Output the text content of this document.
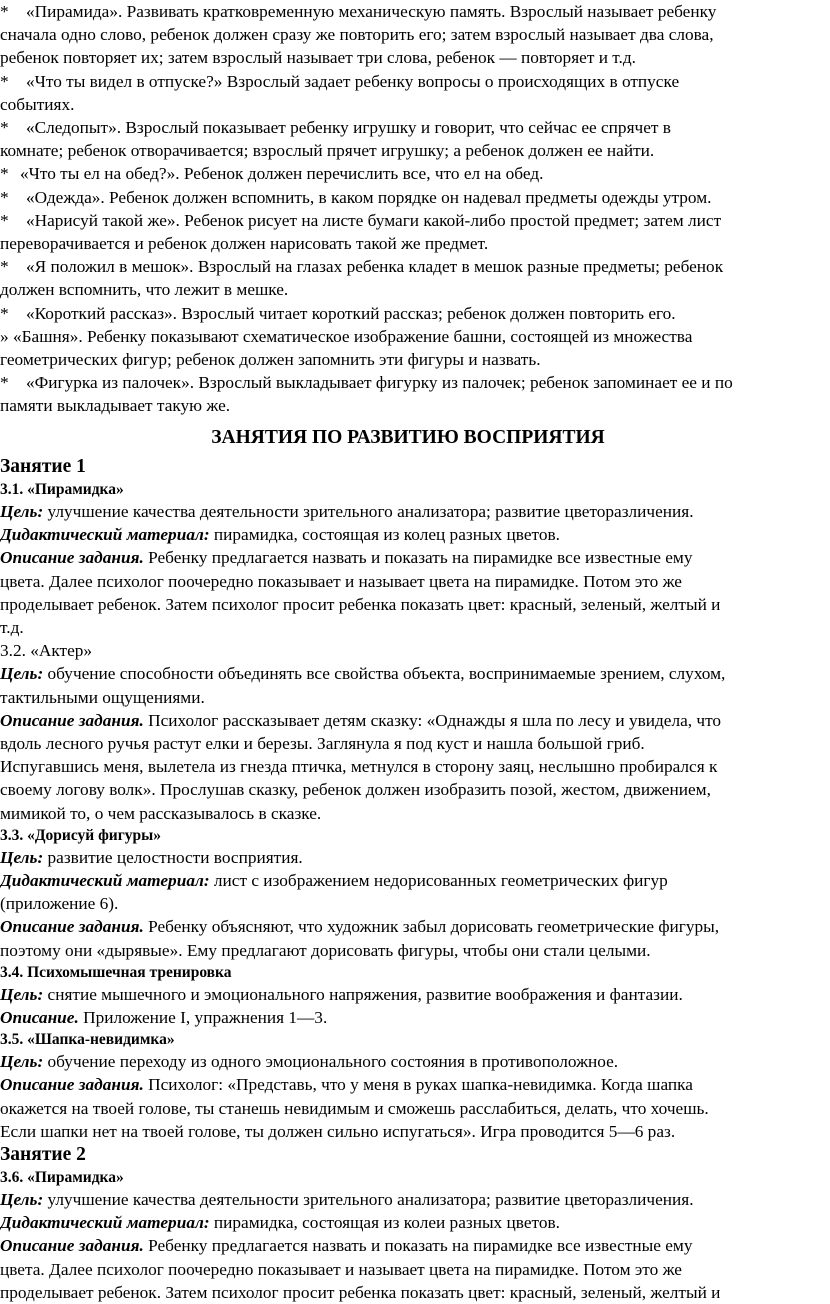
* «Пирамида». Развивать кратковременную механическую память. Взрослый называет ребенку

сначала одно слово, ребенок должен сразу же повторить его; затем взрослый называет два слова,

ребенок повторяет их; затем взрослый называет три слова, ребенок — повторяет и т.д.

* «Что ты видел в отпуске?» Взрослый задает ребенку вопросы о происходящих в отпуске

событиях.

* «Следопыт». Взрослый показывает ребенку игрушку и говорит, что сейчас ее спрячет в

комнате; ребенок отворачивается; взрослый прячет игрушку; а ребенок должен ее найти.

* «Что ты ел на обед?». Ребенок должен перечислить все, что ел на обед.

* «Одежда». Ребенок должен вспомнить, в каком порядке он надевал предметы одежды утром.

* «Нарисуй такой же». Ребенок рисует на листе бумаги какой-либо простой предмет; затем лист

переворачивается и ребенок должен нарисовать такой же предмет.

* «Я положил в мешок». Взрослый на глазах ребенка кладет в мешок разные предметы; ребенок

должен вспомнить, что лежит в мешке.

* «Короткий рассказ». Взрослый читает короткий рассказ; ребенок должен повторить его.

» «Башня». Ребенку показывают схематическое изображение башни, состоящей из множества

геометрических фигур; ребенок должен запомнить эти фигуры и назвать.

* «Фигурка из палочек». Взрослый выкладывает фигурку из палочек; ребенок запоминает ее и по

памяти выкладывает такую же.

ЗАНЯТИЯ ПО РАЗВИТИЮ ВОСПРИЯТИЯ

Занятие 1

3.1. «Пирамидка»

Цель: улучшение качества деятельности зрительного анализатора; развитие цветоразличения.

Дидактический материал: пирамидка, состоящая из колец разных цветов.

Описание задания. Ребенку предлагается назвать и показать на пирамидке все известные ему

цвета. Далее психолог поочередно показывает и называет цвета на пирамидке. Потом это же

проделывает ребенок. Затем психолог просит ребенка показать цвет: красный, зеленый, желтый и

т.д.

3.2. «Актер»

Цель: обучение способности объединять все свойства объекта, воспринимаемые зрением, слухом,

тактильными ощущениями.

Описание задания. Психолог рассказывает детям сказку: «Однажды я шла по лесу и увидела, что

вдоль лесного ручья растут елки и березы. Заглянула я под куст и нашла большой гриб.

Испугавшись меня, вылетела из гнезда птичка, метнулся в сторону заяц, неслышно пробирался к

своему логову волк». Прослушав сказку, ребенок должен изобразить позой, жестом, движением,

мимикой то, о чем рассказывалось в сказке.

3.3. «Дорисуй фигуры»

Цель: развитие целостности восприятия.

Дидактический материал: лист с изображением недорисованных геометрических фигур

(приложение 6).

Описание задания. Ребенку объясняют, что художник забыл дорисовать геометрические фигуры,

поэтому они «дырявые». Ему предлагают дорисовать фигуры, чтобы они стали целыми.

3.4. Психомышечная тренировка

Цель: снятие мышечного и эмоционального напряжения, развитие воображения и фантазии.

Описание. Приложение I, упражнения 1—3.

3.5. «Шапка-невидимка»

Цель: обучение переходу из одного эмоционального состояния в противоположное.

Описание задания. Психолог: «Представь, что у меня в руках шапка-невидимка. Когда шапка

окажется на твоей голове, ты станешь невидимым и сможешь расслабиться, делать, что хочешь.

Если шапки нет на твоей голове, ты должен сильно испугаться». Игра проводится 5—6 раз.

Занятие 2

3.6. «Пирамидка»

Цель: улучшение качества деятельности зрительного анализатора; развитие цветоразличения.

Дидактический материал: пирамидка, состоящая из колеи разных цветов.

Описание задания. Ребенку предлагается назвать и показать на пирамидке все известные ему

цвета. Далее психолог поочередно показывает и называет цвета на пирамидке. Потом это же

проделывает ребенок. Затем психолог просит ребенка показать цвет: красный, зеленый, желтый и
